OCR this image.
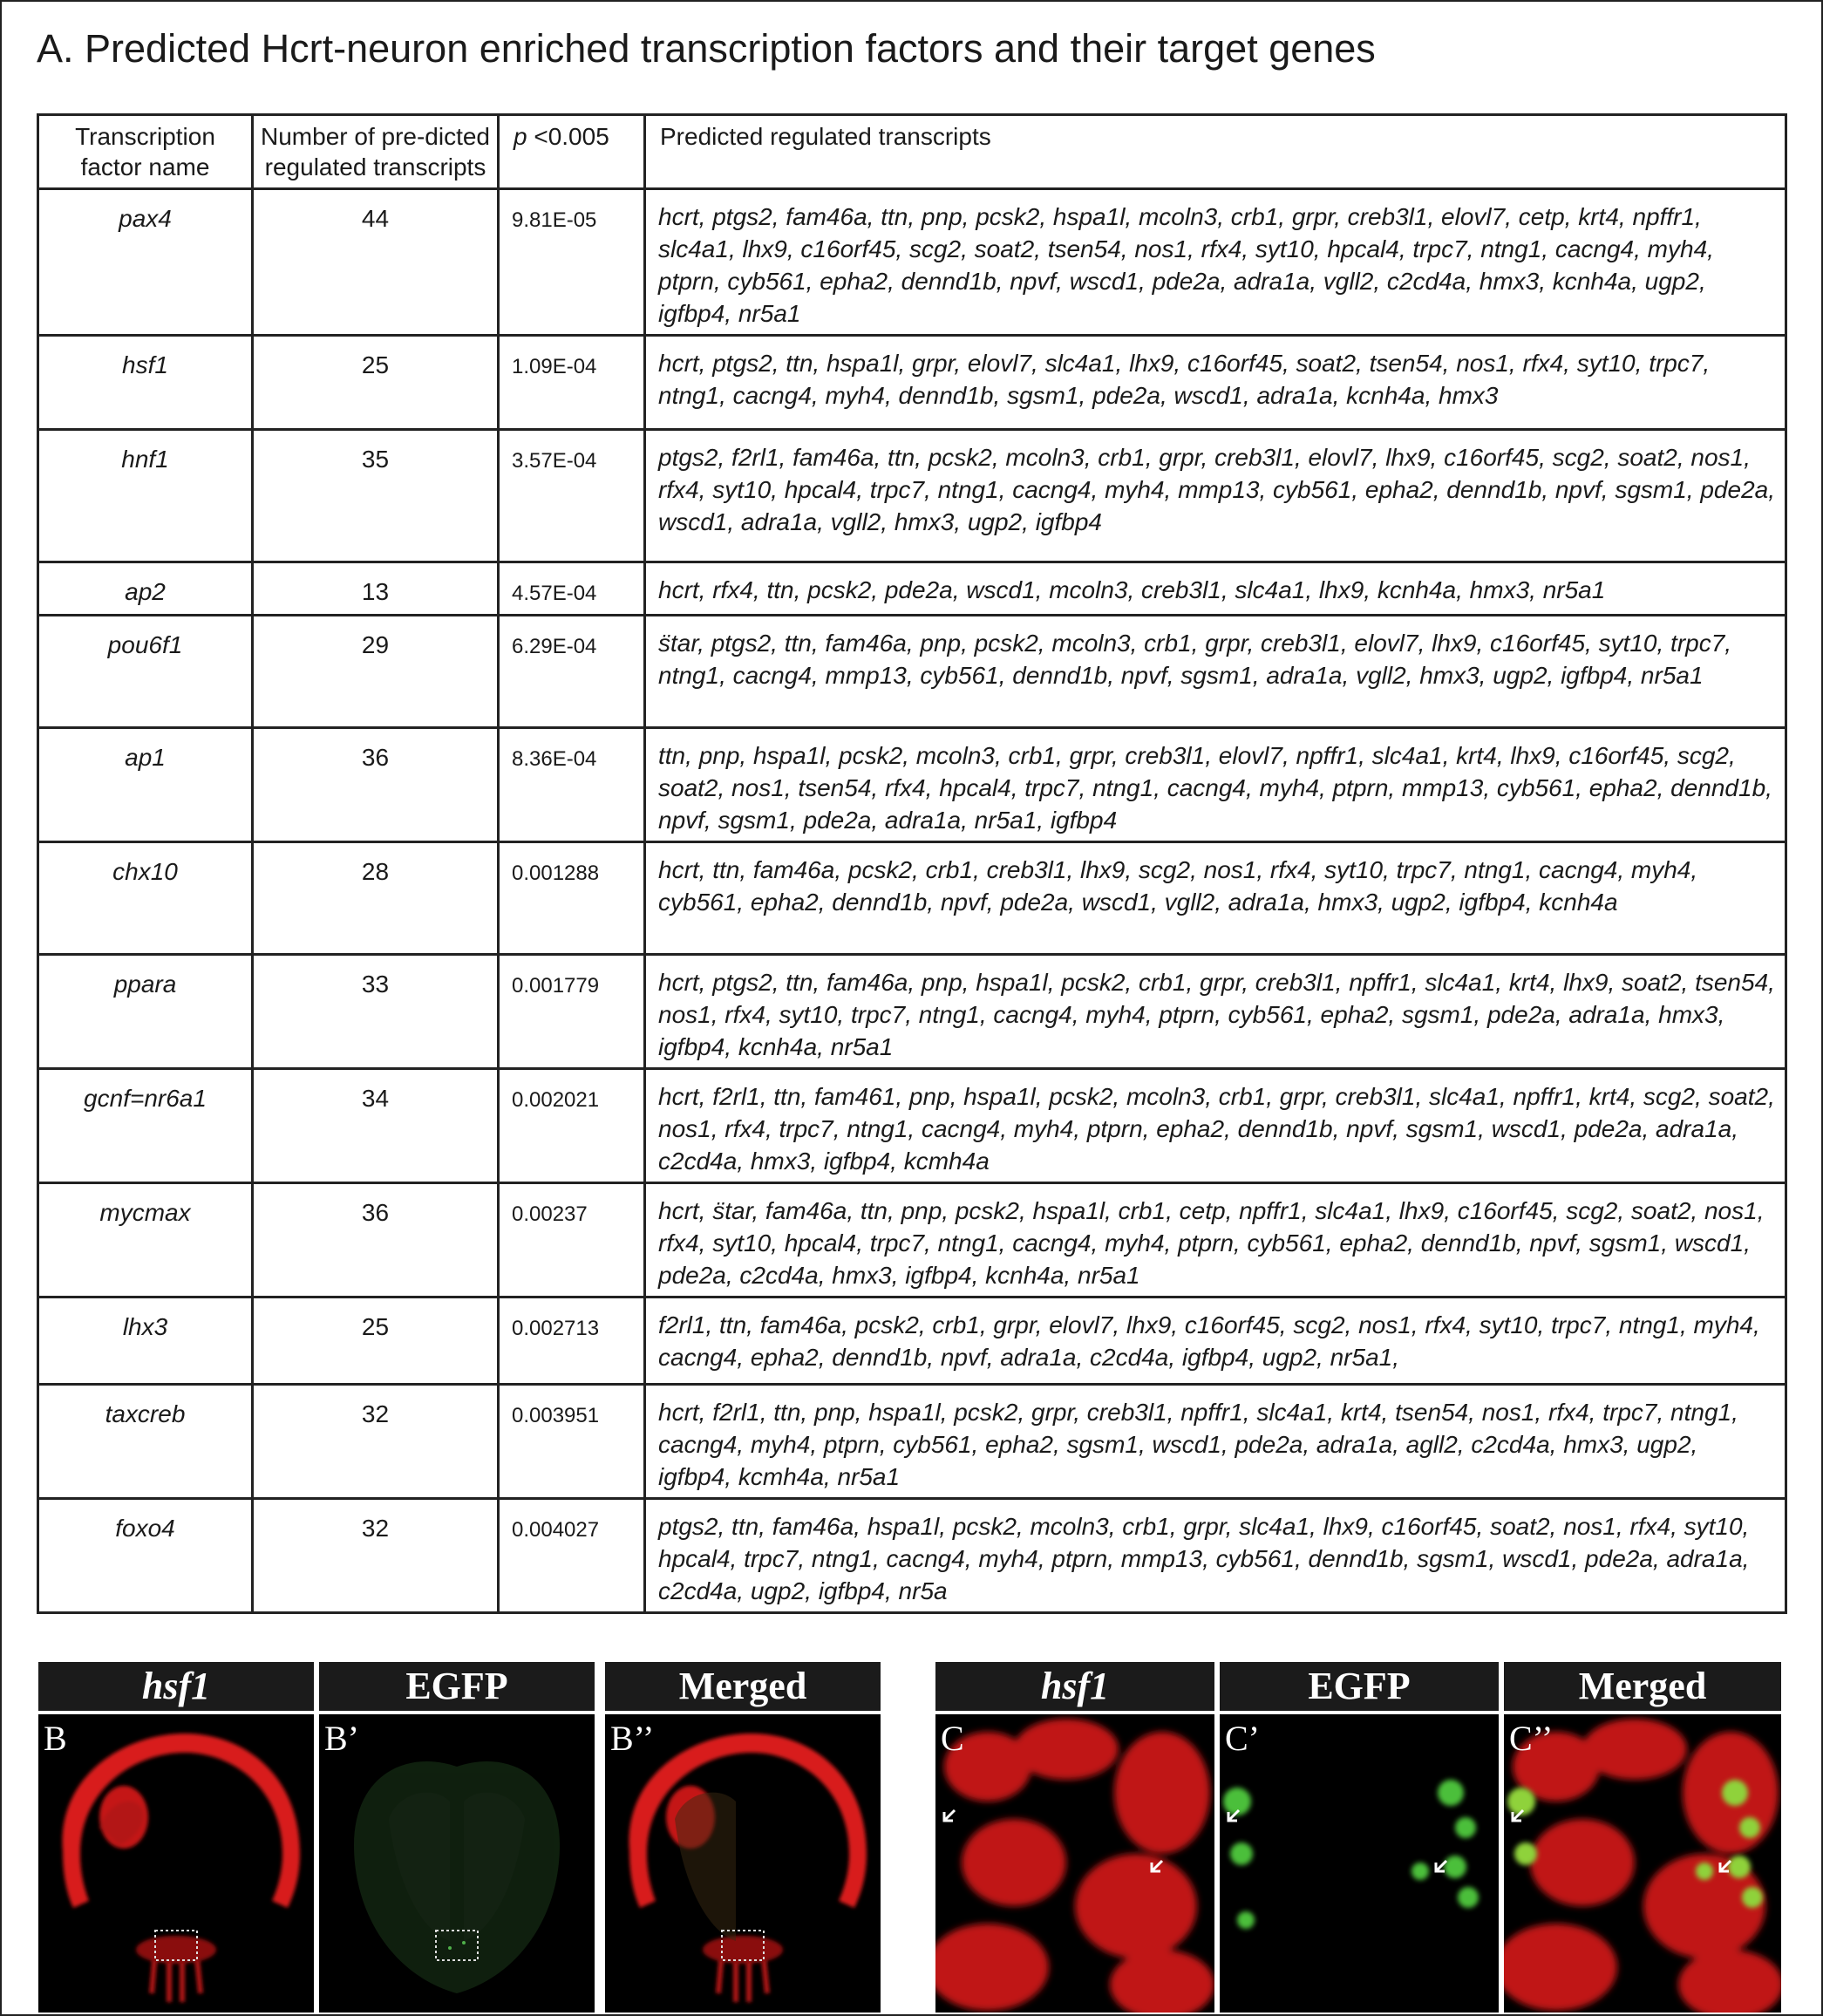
A. Predicted Hcrt-neuron enriched transcription factors and their target genes
Transcription factor name	Number of pre-dicted regulated transcripts	p <0.005	Predicted regulated transcripts
pax4	44	9.81E-05	hcrt, ptgs2, fam46a, ttn, pnp, pcsk2, hspa1l, mcoln3, crb1, grpr, creb3l1, elovl7, cetp, krt4, npffr1, slc4a1, lhx9, c16orf45, scg2, soat2, tsen54, nos1, rfx4, syt10, hpcal4, trpc7, ntng1, cacng4, myh4, ptprn, cyb561, epha2, dennd1b, npvf, wscd1, pde2a, adra1a, vgll2, c2cd4a, hmx3, kcnh4a, ugp2, igfbp4, nr5a1
hsf1	25	1.09E-04	hcrt, ptgs2, ttn, hspa1l, grpr, elovl7, slc4a1, lhx9, c16orf45, soat2, tsen54, nos1, rfx4, syt10, trpc7, ntng1, cacng4, myh4, dennd1b, sgsm1, pde2a, wscd1, adra1a, kcnh4a, hmx3
hnf1	35	3.57E-04	ptgs2, f2rl1, fam46a, ttn, pcsk2, mcoln3, crb1, grpr, creb3l1, elovl7, lhx9, c16orf45, scg2, soat2, nos1, rfx4, syt10, hpcal4, trpc7, ntng1, cacng4, myh4, mmp13, cyb561, epha2, dennd1b, npvf, sgsm1, pde2a, wscd1, adra1a, vgll2, hmx3, ugp2, igfbp4
ap2	13	4.57E-04	hcrt, rfx4, ttn, pcsk2, pde2a, wscd1, mcoln3, creb3l1, slc4a1, lhx9, kcnh4a, hmx3, nr5a1
pou6f1	29	6.29E-04	s̈tar, ptgs2, ttn, fam46a, pnp, pcsk2, mcoln3, crb1, grpr, creb3l1, elovl7, lhx9, c16orf45, syt10, trpc7, ntng1, cacng4, mmp13, cyb561, dennd1b, npvf, sgsm1, adra1a, vgll2, hmx3, ugp2, igfbp4, nr5a1
ap1	36	8.36E-04	ttn, pnp, hspa1l, pcsk2, mcoln3, crb1, grpr, creb3l1, elovl7, npffr1, slc4a1, krt4, lhx9, c16orf45, scg2, soat2, nos1, tsen54, rfx4, hpcal4, trpc7, ntng1, cacng4, myh4, ptprn, mmp13, cyb561, epha2, dennd1b, npvf, sgsm1, pde2a, adra1a, nr5a1, igfbp4
chx10	28	0.001288	hcrt, ttn, fam46a, pcsk2, crb1, creb3l1, lhx9, scg2, nos1, rfx4, syt10, trpc7, ntng1, cacng4, myh4, cyb561, epha2, dennd1b, npvf, pde2a, wscd1, vgll2, adra1a, hmx3, ugp2, igfbp4, kcnh4a
ppara	33	0.001779	hcrt, ptgs2, ttn, fam46a, pnp, hspa1l, pcsk2, crb1, grpr, creb3l1, npffr1, slc4a1, krt4, lhx9, soat2, tsen54, nos1, rfx4, syt10, trpc7, ntng1, cacng4, myh4, ptprn, cyb561, epha2, sgsm1, pde2a, adra1a, hmx3, igfbp4, kcnh4a, nr5a1
gcnf=nr6a1	34	0.002021	hcrt, f2rl1, ttn, fam461, pnp, hspa1l, pcsk2, mcoln3, crb1, grpr, creb3l1, slc4a1, npffr1, krt4, scg2, soat2, nos1, rfx4, trpc7, ntng1, cacng4, myh4, ptprn, epha2, dennd1b, npvf, sgsm1, wscd1, pde2a, adra1a, c2cd4a, hmx3, igfbp4, kcmh4a
mycmax	36	0.00237	hcrt, s̈tar, fam46a, ttn, pnp, pcsk2, hspa1l, crb1, cetp, npffr1, slc4a1, lhx9, c16orf45, scg2, soat2, nos1, rfx4, syt10, hpcal4, trpc7, ntng1, cacng4, myh4, ptprn, cyb561, epha2, dennd1b, npvf, sgsm1, wscd1, pde2a, c2cd4a, hmx3, igfbp4, kcnh4a, nr5a1
lhx3	25	0.002713	f2rl1, ttn, fam46a, pcsk2, crb1, grpr, elovl7, lhx9, c16orf45, scg2, nos1, rfx4, syt10, trpc7, ntng1, myh4, cacng4, epha2, dennd1b, npvf, adra1a, c2cd4a, igfbp4, ugp2, nr5a1,
taxcreb	32	0.003951	hcrt, f2rl1, ttn, pnp, hspa1l, pcsk2, grpr, creb3l1, npffr1, slc4a1, krt4, tsen54, nos1, rfx4, trpc7, ntng1, cacng4, myh4, ptprn, cyb561, epha2, sgsm1, wscd1, pde2a, adra1a, agll2, c2cd4a, hmx3, ugp2, igfbp4, kcmh4a, nr5a1
foxo4	32	0.004027	ptgs2, ttn, fam46a, hspa1l, pcsk2, mcoln3, crb1, grpr, slc4a1, lhx9, c16orf45, soat2, nos1, rfx4, syt10, hpcal4, trpc7, ntng1, cacng4, myh4, ptprn, mmp13, cyb561, dennd1b, sgsm1, wscd1, pde2a, adra1a, c2cd4a, ugp2, igfbp4, nr5a
hsf1
B
EGFP
B’
Merged
B’’
hsf1
C
EGFP
C’
Merged
C’’
